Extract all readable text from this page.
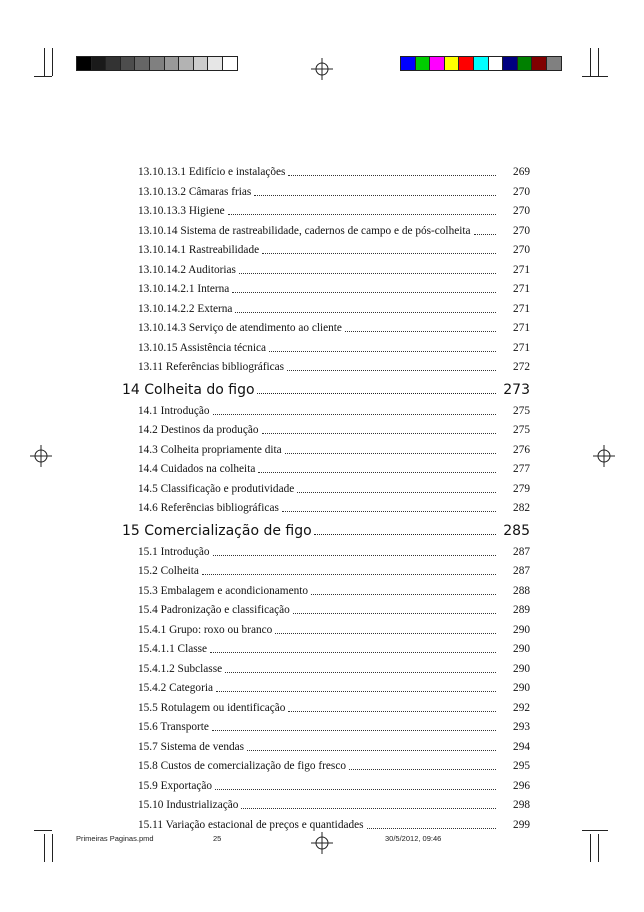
13.10.13.1 Edifício e instalações	269
13.10.13.2 Câmaras frias	270
13.10.13.3 Higiene	270
13.10.14 Sistema de rastreabilidade, cadernos de campo e de pós-colheita	270
13.10.14.1 Rastreabilidade	270
13.10.14.2 Auditorias	271
13.10.14.2.1 Interna	271
13.10.14.2.2 Externa	271
13.10.14.3 Serviço de atendimento ao cliente	271
13.10.15 Assistência técnica	271
13.11 Referências bibliográficas	272
14 Colheita do figo	273
14.1 Introdução	275
14.2 Destinos da produção	275
14.3 Colheita propriamente dita	276
14.4 Cuidados na colheita	277
14.5 Classificação e produtividade	279
14.6 Referências bibliográficas	282
15 Comercialização de figo	285
15.1 Introdução	287
15.2 Colheita	287
15.3 Embalagem e acondicionamento	288
15.4 Padronização e classificação	289
15.4.1 Grupo: roxo ou branco	290
15.4.1.1 Classe	290
15.4.1.2 Subclasse	290
15.4.2 Categoria	290
15.5 Rotulagem ou identificação	292
15.6 Transporte	293
15.7 Sistema de vendas	294
15.8 Custos de comercialização de figo fresco	295
15.9 Exportação	296
15.10 Industrialização	298
15.11 Variação estacional de preços e quantidades	299
Primeiras Paginas.pmd	25	30/5/2012, 09:46
